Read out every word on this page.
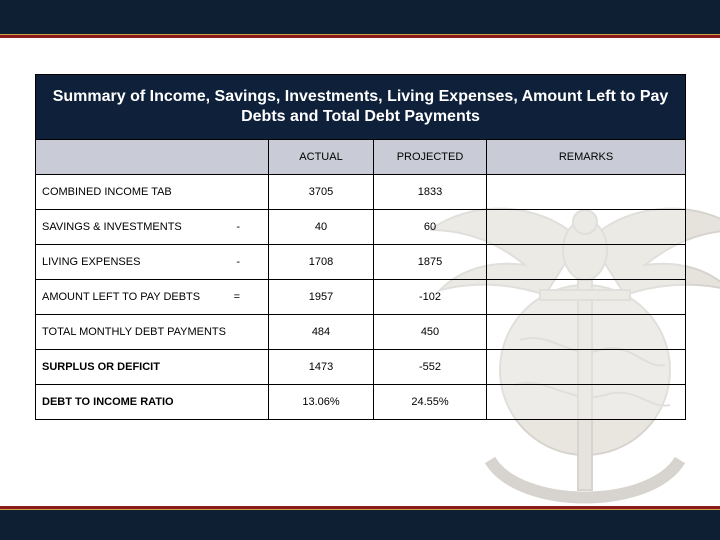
Summary of Income, Savings, Investments, Living Expenses, Amount Left to Pay Debts and Total Debt Payments			
	ACTUAL	PROJECTED	REMARKS
COMBINED INCOME TAB	3705	1833	
SAVINGS & INVESTMENTS -	40	60	
LIVING EXPENSES -	1708	1875	
AMOUNT LEFT TO PAY DEBTS =	1957	-102	
TOTAL MONTHLY DEBT PAYMENTS	484	450	
SURPLUS OR DEFICIT	1473	-552	
DEBT TO INCOME RATIO	13.06%	24.55%	
